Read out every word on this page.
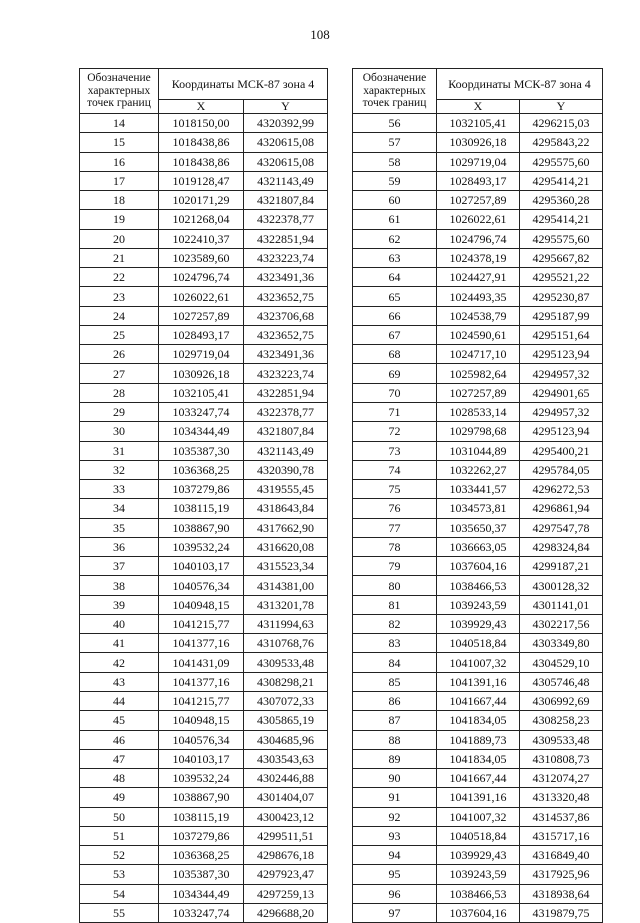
108
Обозначение
характерных
точек границ	Координаты МСК-87 зона 4	
	X	Y
14	1018150,00	4320392,99
15	1018438,86	4320615,08
16	1018438,86	4320615,08
17	1019128,47	4321143,49
18	1020171,29	4321807,84
19	1021268,04	4322378,77
20	1022410,37	4322851,94
21	1023589,60	4323223,74
22	1024796,74	4323491,36
23	1026022,61	4323652,75
24	1027257,89	4323706,68
25	1028493,17	4323652,75
26	1029719,04	4323491,36
27	1030926,18	4323223,74
28	1032105,41	4322851,94
29	1033247,74	4322378,77
30	1034344,49	4321807,84
31	1035387,30	4321143,49
32	1036368,25	4320390,78
33	1037279,86	4319555,45
34	1038115,19	4318643,84
35	1038867,90	4317662,90
36	1039532,24	4316620,08
37	1040103,17	4315523,34
38	1040576,34	4314381,00
39	1040948,15	4313201,78
40	1041215,77	4311994,63
41	1041377,16	4310768,76
42	1041431,09	4309533,48
43	1041377,16	4308298,21
44	1041215,77	4307072,33
45	1040948,15	4305865,19
46	1040576,34	4304685,96
47	1040103,17	4303543,63
48	1039532,24	4302446,88
49	1038867,90	4301404,07
50	1038115,19	4300423,12
51	1037279,86	4299511,51
52	1036368,25	4298676,18
53	1035387,30	4297923,47
54	1034344,49	4297259,13
55	1033247,74	4296688,20
Обозначение
характерных
точек границ	Координаты МСК-87 зона 4	
	X	Y
56	1032105,41	4296215,03
57	1030926,18	4295843,22
58	1029719,04	4295575,60
59	1028493,17	4295414,21
60	1027257,89	4295360,28
61	1026022,61	4295414,21
62	1024796,74	4295575,60
63	1024378,19	4295667,82
64	1024427,91	4295521,22
65	1024493,35	4295230,87
66	1024538,79	4295187,99
67	1024590,61	4295151,64
68	1024717,10	4295123,94
69	1025982,64	4294957,32
70	1027257,89	4294901,65
71	1028533,14	4294957,32
72	1029798,68	4295123,94
73	1031044,89	4295400,21
74	1032262,27	4295784,05
75	1033441,57	4296272,53
76	1034573,81	4296861,94
77	1035650,37	4297547,78
78	1036663,05	4298324,84
79	1037604,16	4299187,21
80	1038466,53	4300128,32
81	1039243,59	4301141,01
82	1039929,43	4302217,56
83	1040518,84	4303349,80
84	1041007,32	4304529,10
85	1041391,16	4305746,48
86	1041667,44	4306992,69
87	1041834,05	4308258,23
88	1041889,73	4309533,48
89	1041834,05	4310808,73
90	1041667,44	4312074,27
91	1041391,16	4313320,48
92	1041007,32	4314537,86
93	1040518,84	4315717,16
94	1039929,43	4316849,40
95	1039243,59	4317925,96
96	1038466,53	4318938,64
97	1037604,16	4319879,75
